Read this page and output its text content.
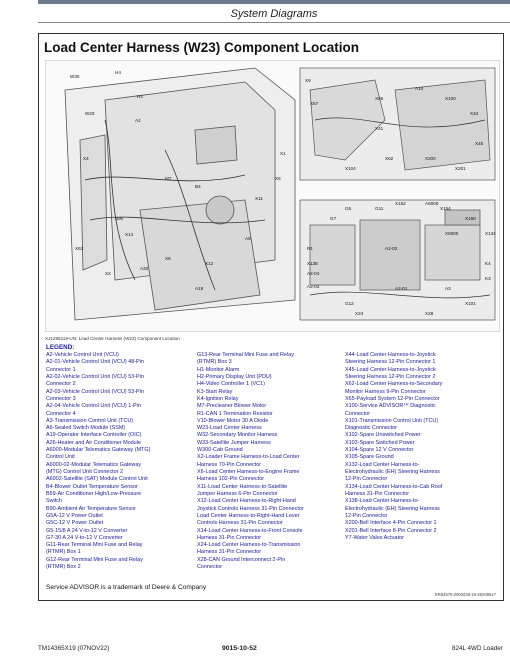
System Diagrams
Load Center Harness (W23) Component Location
W30
H4
H2
W23
X4
A2
M7
B4
B90
X14
X63
X2
A20
A19
A6
X6
X12
X11
X5
X1
X9
X67
X65
X41
A10
X100
X44
X45
X201
X200
X62
X104
G7
G5	G11
X152
X154
X160
A6000
X134
R1
X138
A2-04
A2-03
A2-02
A2-01	A3
X101
K4
K3
G12
X24	X28
X6000
XJ1295119-UN: Load Center Harness (W23) Component Location
LEGEND:
A2-Vehicle Control Unit (VCU)
A2-01-Vehicle Control Unit (VCU) 48-Pin
Connector 1
A2-02-Vehicle Control Unit (VCU) 53-Pin
Connector 2
A2-03-Vehicle Control Unit (VCU) 53-Pin
Connector 3
A2-04-Vehicle Control Unit (VCU) 1-Pin
Connector 4
A3-Transmission Control Unit (TCU)
A6-Sealed Switch Module (SSM)
A19-Operator Interface Controller (OIC)
A26-Heater and Air Conditioner Module
A6000-Modular Telematics Gateway (MTG)
Control Unit
A6000-02-Modular Telematics Gateway
(MTG) Control Unit Connector 2
A6002-Satellite (SAT) Module Control Unit
B4-Blower Outlet Temperature Sensor
B59-Air Conditioner High/Low-Pressure
Switch
B90-Ambient Air Temperature Sensor
G5A-12 V Power Outlet
G5C-12 V Power Outlet
G5-15/8 A 24 V-to-12 V Converter
G7-30 A 24 V-to-12 V Converter
G11-Rear Terminal Mini Fuse and Relay
(RTMR) Box 1
G12-Rear Terminal Mini Fuse and Relay
(RTMR) Box 2
G13-Rear Terminal Mini Fuse and Relay
(RTMR) Box 3
H1-Monitor Alarm
H2-Primary Display Unit (PDU)
H4-Video Controller 1 (VC1)
K3-Start Relay
K4-Ignition Relay
M7-Precleaner Blower Motor
R1-CAN 1 Termination Resistor
V10-Blower Motor 30 A Diode
W23-Load Center Harness
W32-Secondary Monitor Harness
W33-Satellite Jumper Harness
W300-Cab Ground
X2-Loader Frame Harness-to-Load Center
Harness 70-Pin Connector
X6-Load Center Harness-to-Engine Frame
Harness 102-Pin Connector
X11-Load Center Harness-to-Satellite
Jumper Harness 6-Pin Connector
X12-Load Center Harness-to-Right-Hand
Joystick Controls Harness 31-Pin Connector
Load Center Harness-to-Right-Hand Lever
Controls Harness 31-Pin Connector
X14-Load Center Harness-to-Front Console
Harness 31-Pin Connector
X24-Load Center Harness-to-Transmission
Harness 31-Pin Connector
X28-CAN Ground Interconnect 2-Pin
Connector
X44-Load Center Harness-to-Joystick
Steering Harness 12-Pin Connector 1
X45-Load Center Harness-to-Joystick
Steering Harness 12-Pin Connector 2
X62-Load Center Harness-to-Secondary
Monitor Harness 9-Pin Connector
X65-Payload System 12-Pin Connector
X100-Service ADVISOR™ Diagnostic
Connector
X101-Transmission Control Unit (TCU)
Diagnostic Connector
X102-Spare Unswitched Power
X103-Spare Switched Power
X104-Spare 12 V Connector
X105-Spare Ground
X132-Load Center Harness-to-
Electrohydraulic (EH) Steering Harness
12-Pin Connector
X134-Load Center Harness-to-Cab Roof
Harness 31-Pin Connector
X138-Load Center Harness-to-
Electrohydraulic (EH) Steering Harness
12-Pin Connector
X200-Bell Interface 4-Pin Connector 1
X201-Bell Interface 8-Pin Connector 2
Y7-Water Valve Actuator
Service ADVISOR is a trademark of Deere & Company
ER84579,0000238-19-28209617
TM14365X19 (07NOV22)	9015-10-52	824L 4WD Loader
